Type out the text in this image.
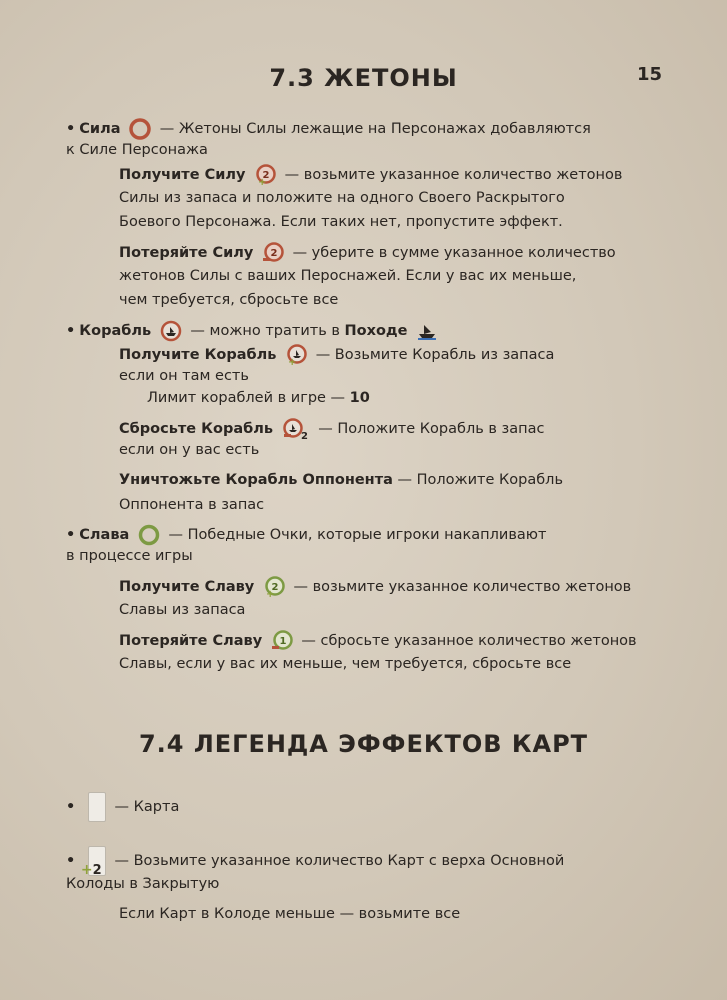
15
7.3 ЖЕТОНЫ
• Сила	— Жетоны Силы лежащие на Персонажах добавляются
к Силе Персонажа
Получите Силу 2
+ — возьмите указанное количество жетонов
Силы из запаса и положите на одного Своего Раскрытого
Боевого Персонажа. Если таких нет, пропустите эффект.
Потеряйте Силу 2 — уберите в сумме указанное количество
жетонов Силы с ваших Пероснажей. Если у вас их меньше,
чем требуется, сбросьте все
• Корабль	— можно тратить в Походе
Получите Корабль + — Возьмите Корабль из запаса
если он там есть
Лимит кораблей в игре — 10
Сбросьте Корабль	2 — Положите Корабль в запас
если он у вас есть
Уничтожьте Корабль Оппонента — Положите Корабль
Оппонента в запас
• Слава	— Победные Очки, которые игроки накапливают
в процессе игры
Получите Славу 2
+ — возьмите указанное количество жетонов
Славы из запаса
Потеряйте Славу 1 — сбросьте указанное количество жетонов
Славы, если у вас их меньше, чем требуется, сбросьте все
7.4 ЛЕГЕНДА ЭФФЕКТОВ КАРТ
•	— Карта
•
+2
— Возьмите указанное количество Карт с верха Основной
Колоды в Закрытую
Если Карт в Колоде меньше — возьмите все
